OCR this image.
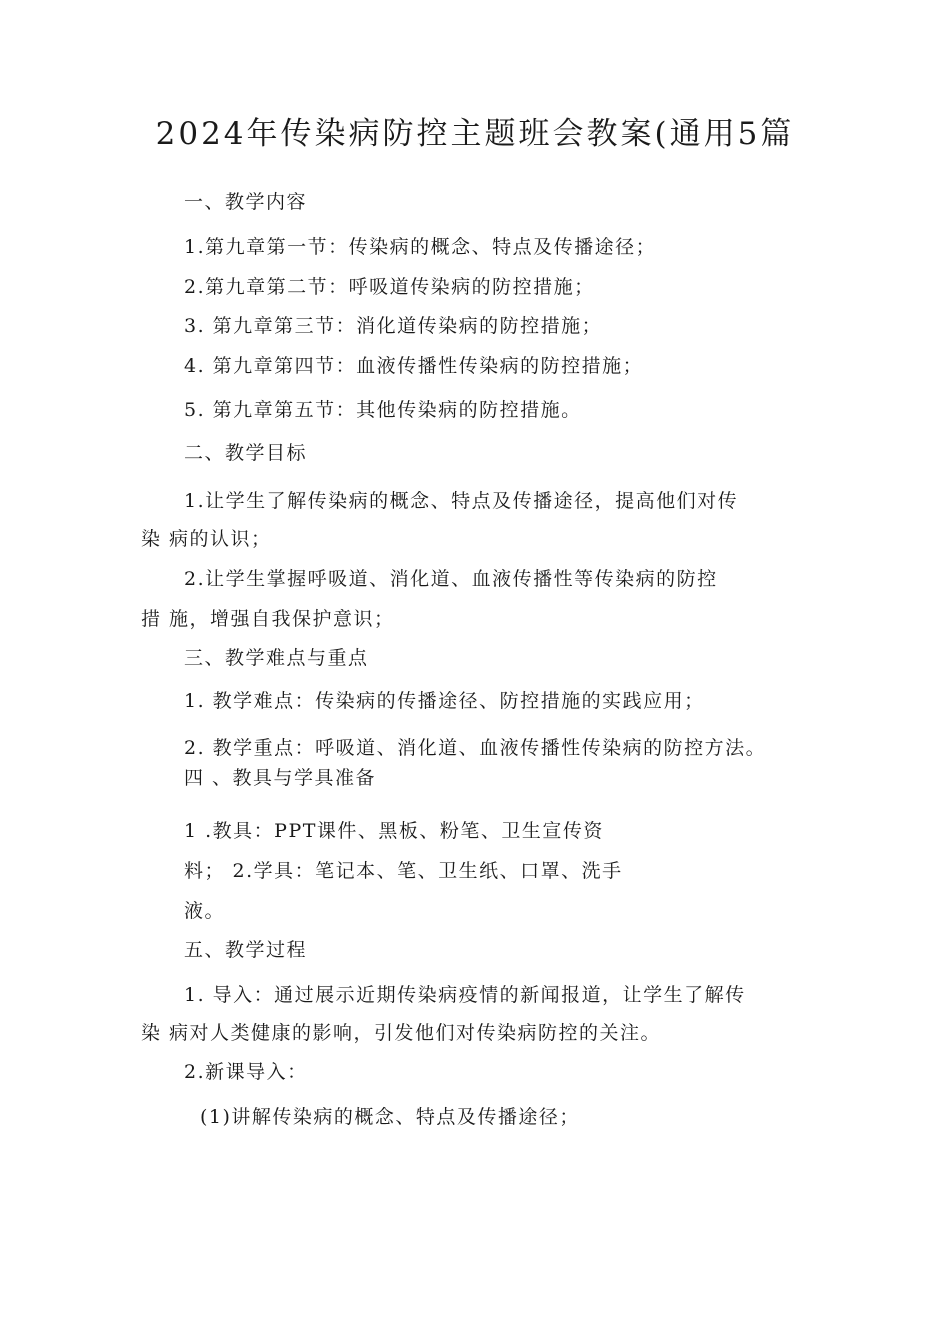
2024年传染病防控主题班会教案(通用5篇
一、教学内容
1.第九章第一节：传染病的概念、特点及传播途径；
2.第九章第二节：呼吸道传染病的防控措施；
3. 第九章第三节：消化道传染病的防控措施；
4. 第九章第四节：血液传播性传染病的防控措施；
5. 第九章第五节：其他传染病的防控措施。
二、教学目标
1.让学生了解传染病的概念、特点及传播途径，提高他们对传
染 病的认识；
2.让学生掌握呼吸道、消化道、血液传播性等传染病的防控
措 施，增强自我保护意识；
三、教学难点与重点
1. 教学难点：传染病的传播途径、防控措施的实践应用；
2. 教学重点：呼吸道、消化道、血液传播性传染病的防控方法。
四 、教具与学具准备
1 .教具：PPT课件、黑板、粉笔、卫生宣传资
料； 2.学具：笔记本、笔、卫生纸、口罩、洗手
液。
五、教学过程
1. 导入：通过展示近期传染病疫情的新闻报道，让学生了解传
染 病对人类健康的影响，引发他们对传染病防控的关注。
2.新课导入：
(1)讲解传染病的概念、特点及传播途径；
